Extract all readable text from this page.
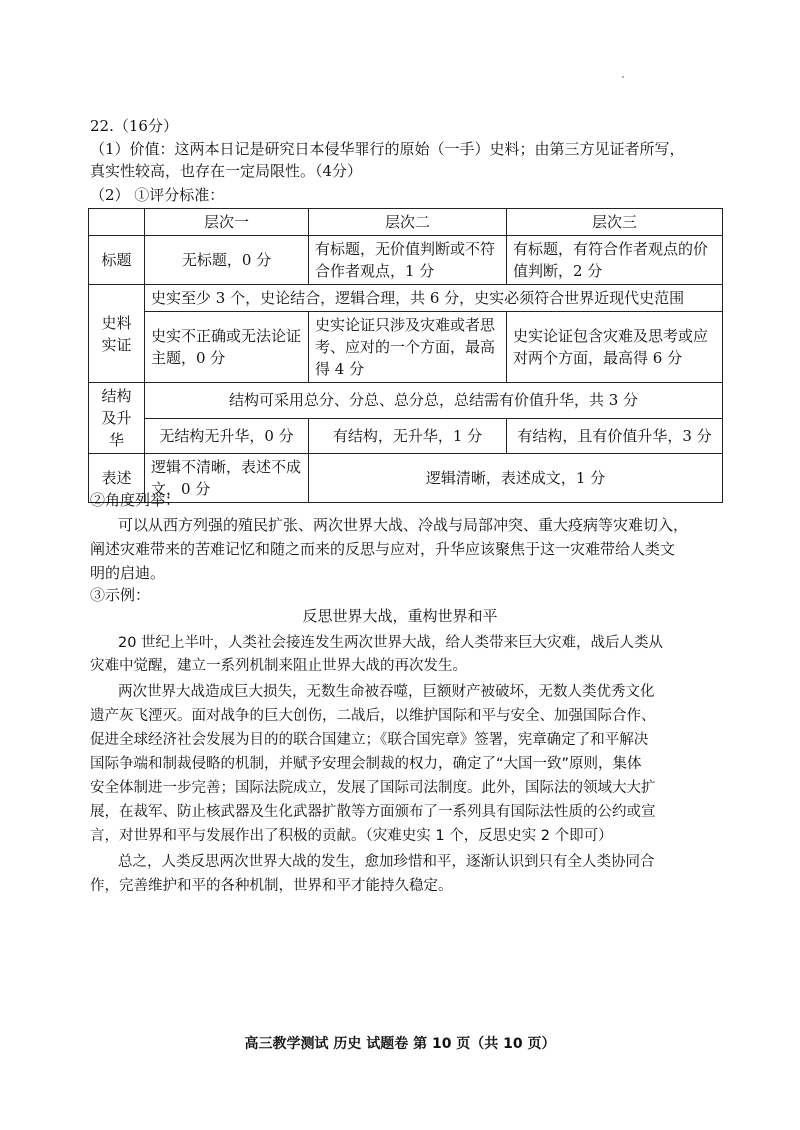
22.（16分）
（1）价值：这两本日记是研究日本侵华罪行的原始（一手）史料；由第三方见证者所写，
真实性较高，也存在一定局限性。（4分）
（2） ①评分标准：
	层次一	层次二	层次三
标题	无标题，0 分	有标题，无价值判断或不符合作者观点，1 分	有标题，有符合作者观点的价值判断，2 分
史料实证	史实至少 3 个，史论结合，逻辑合理，共 6 分，史实必须符合世界近现代史范围		
	史实不正确或无法论证主题，0 分	史实论证只涉及灾难或者思考、应对的一个方面，最高得 4 分	史实论证包含灾难及思考或应对两个方面，最高得 6 分
结构及升华	结构可采用总分、分总、总分总，总结需有价值升华，共 3 分		
	无结构无升华，0 分	有结构，无升华，1 分	有结构，且有价值升华，3 分
表述	逻辑不清晰，表述不成文，0 分	逻辑清晰，表述成文，1 分	
②角度列举：
可以从西方列强的殖民扩张、两次世界大战、冷战与局部冲突、重大疫病等灾难切入，
阐述灾难带来的苦难记忆和随之而来的反思与应对，升华应该聚焦于这一灾难带给人类文
明的启迪。
③示例：
反思世界大战，重构世界和平
20 世纪上半叶，人类社会接连发生两次世界大战，给人类带来巨大灾难，战后人类从
灾难中觉醒，建立一系列机制来阻止世界大战的再次发生。
两次世界大战造成巨大损失，无数生命被吞噬，巨额财产被破坏，无数人类优秀文化
遗产灰飞湮灭。面对战争的巨大创伤，二战后，以维护国际和平与安全、加强国际合作、
促进全球经济社会发展为目的的联合国建立；《联合国宪章》签署，宪章确定了和平解决
国际争端和制裁侵略的机制，并赋予安理会制裁的权力，确定了“大国一致”原则，集体
安全体制进一步完善；国际法院成立，发展了国际司法制度。此外，国际法的领域大大扩
展，在裁军、防止核武器及生化武器扩散等方面颁布了一系列具有国际法性质的公约或宣
言，对世界和平与发展作出了积极的贡献。（灾难史实 1 个，反思史实 2 个即可）
总之，人类反思两次世界大战的发生，愈加珍惜和平，逐渐认识到只有全人类协同合
作，完善维护和平的各种机制，世界和平才能持久稳定。
高三教学测试 历史 试题卷 第 10 页（共 10 页）
